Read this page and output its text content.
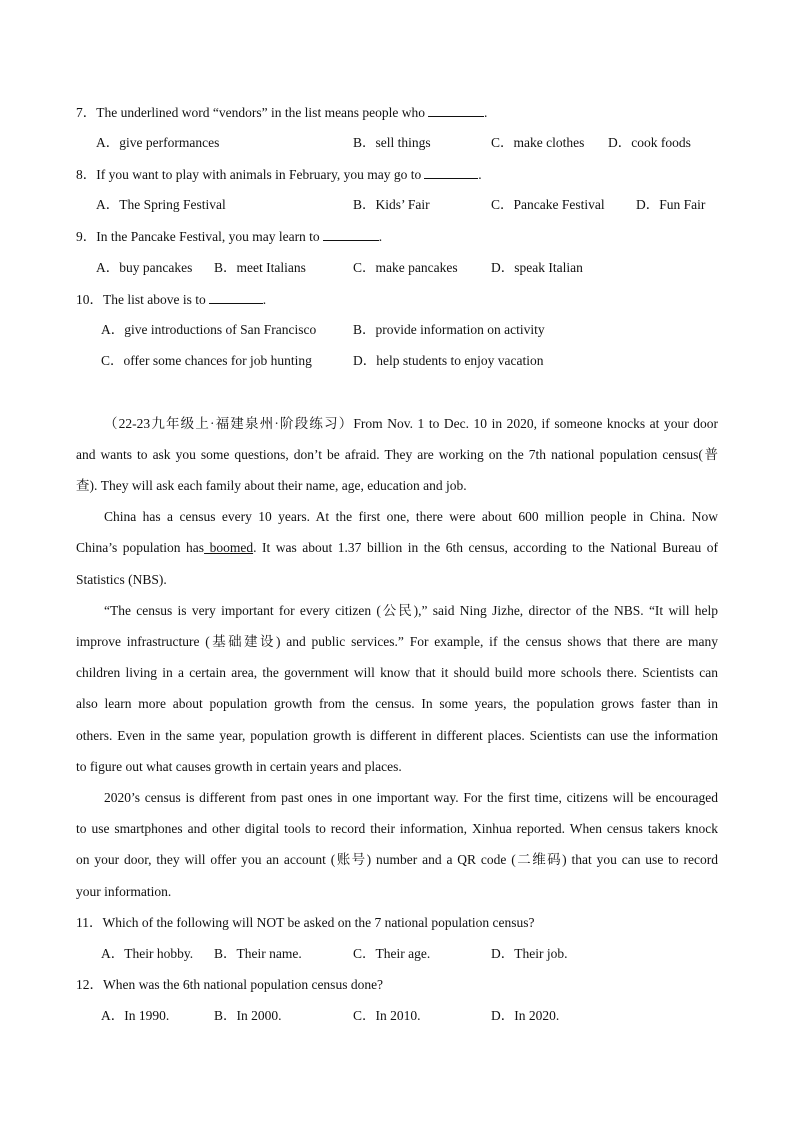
7．The underlined word “vendors” in the list means people who	.
A．give performances	B．sell things	C．make clothes D．cook foods
8．If you want to play with animals in February, you may go to	.
A．The Spring Festival	B．Kids’ Fair	C．Pancake Festival D．Fun Fair
9．In the Pancake Festival, you may learn to	.
A．buy pancakes B．meet Italians	C．make pancakes D．speak Italian
10．The list above is to	.
A．give introductions of San Francisco	B．provide information on activity
C．offer some chances for job hunting	D．help students to enjoy vacation
（22-23九年级上·福建泉州·阶段练习）From Nov. 1 to Dec. 10 in 2020, if someone knocks at your door
and wants to ask you some questions, don’t be afraid. They are working on the 7th national population census(普
查). They will ask each family about their name, age, education and job.
China has a census every 10 years. At the first one, there were about 600 million people in China. Now
China’s population has boomed. It was about 1.37 billion in the 6th census, according to the National Bureau of
Statistics (NBS).
“The census is very important for every citizen (公民),” said Ning Jizhe, director of the NBS. “It will help
improve infrastructure (基础建设) and public services.” For example, if the census shows that there are many
children living in a certain area, the government will know that it should build more schools there. Scientists can
also learn more about population growth from the census. In some years, the population grows faster than in
others. Even in the same year, population growth is different in different places. Scientists can use the information
to figure out what causes growth in certain years and places.
2020’s census is different from past ones in one important way. For the first time, citizens will be encouraged
to use smartphones and other digital tools to record their information, Xinhua reported. When census takers knock
on your door, they will offer you an account (账号) number and a QR code (二维码) that you can use to record
your information.
11．Which of the following will NOT be asked on the 7 national population census?
A．Their hobby. B．Their name.	C．Their age.	D．Their job.
12．When was the 6th national population census done?
A．In 1990.	B．In 2000.	C．In 2010.	D．In 2020.
